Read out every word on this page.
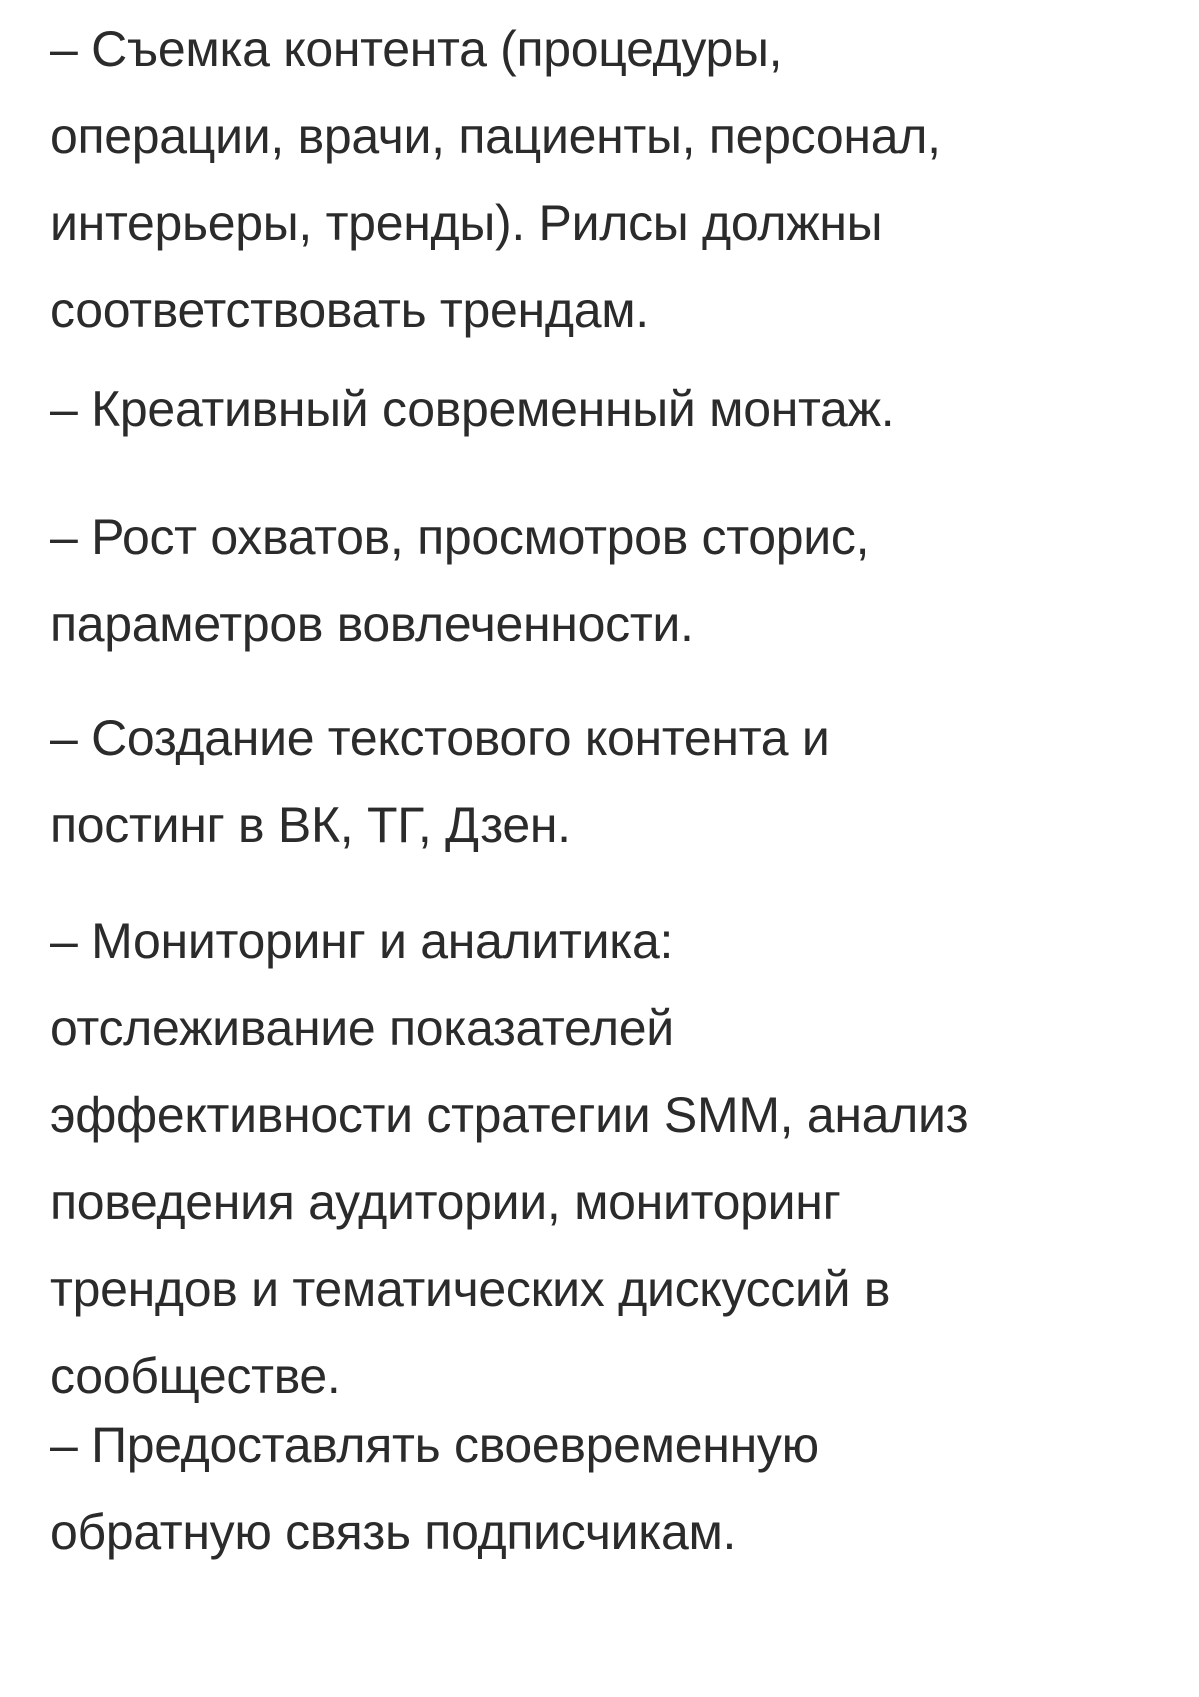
– Съемка контента (процедуры,
операции, врачи, пациенты, персонал,
интерьеры, тренды). Рилсы должны
соответствовать трендам.
– Креативный современный монтаж.
– Рост охватов, просмотров сторис,
параметров вовлеченности.
– Создание текстового контента и
постинг в ВК, ТГ, Дзен.
– Мониторинг и аналитика:
отслеживание показателей
эффективности стратегии SMM, анализ
поведения аудитории, мониторинг
трендов и тематических дискуссий в
сообществе.
– Предоставлять своевременную
обратную связь подписчикам.
